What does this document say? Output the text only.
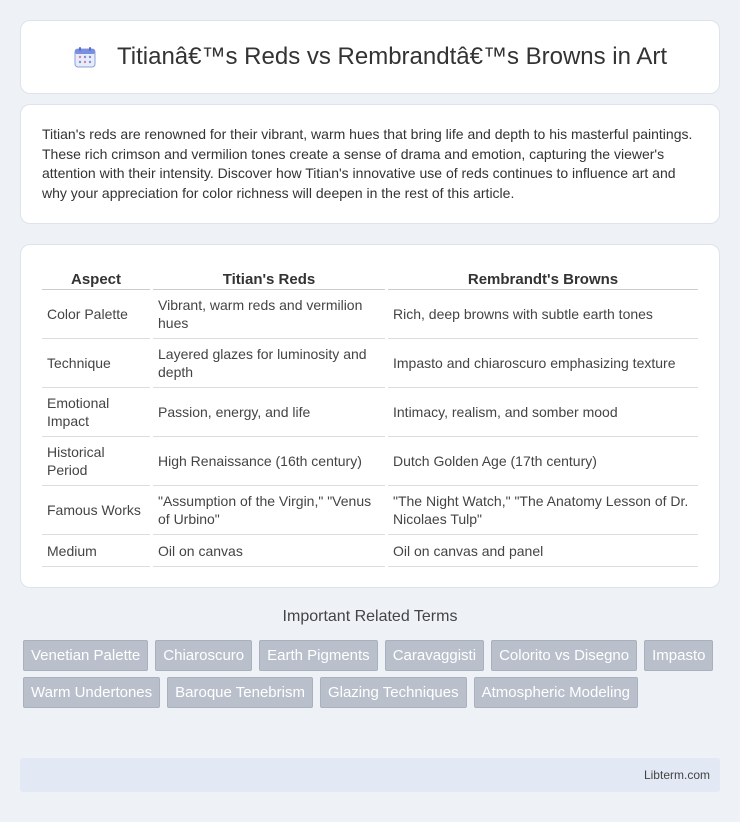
Titianâ€™s Reds vs Rembrandtâ€™s Browns in Art

Titian's reds are renowned for their vibrant, warm hues that bring life and depth to his masterful paintings. These rich crimson and vermilion tones create a sense of drama and emotion, capturing the viewer's attention with their intensity. Discover how Titian's innovative use of reds continues to influence art and why your appreciation for color richness will deepen in the rest of this article.

Aspect	Titian's Reds	Rembrandt's Browns
Color Palette	Vibrant, warm reds and vermilion hues	Rich, deep browns with subtle earth tones
Technique	Layered glazes for luminosity and depth	Impasto and chiaroscuro emphasizing texture
Emotional Impact	Passion, energy, and life	Intimacy, realism, and somber mood
Historical Period	High Renaissance (16th century)	Dutch Golden Age (17th century)
Famous Works	"Assumption of the Virgin," "Venus of Urbino"	"The Night Watch," "The Anatomy Lesson of Dr. Nicolaes Tulp"
Medium	Oil on canvas	Oil on canvas and panel
Important Related Terms
Venetian Palette	Chiaroscuro	Earth Pigments	Caravaggisti	Colorito vs Disegno	Impasto
Warm Undertones	Baroque Tenebrism	Glazing Techniques	Atmospheric Modeling
Libterm.com
